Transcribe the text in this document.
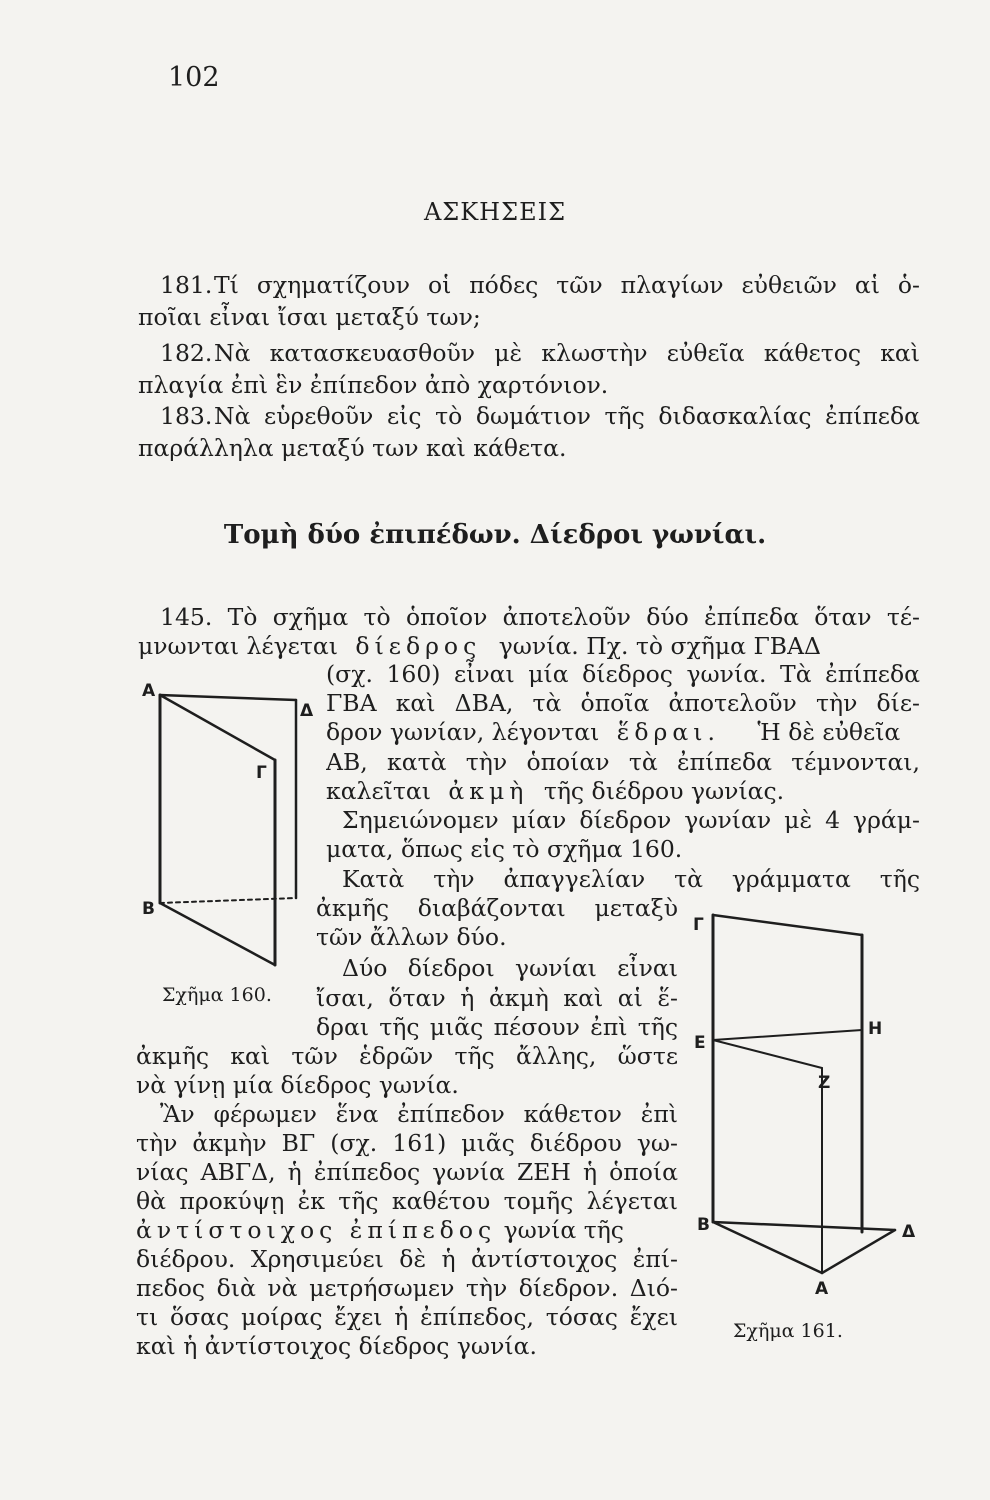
102
ΑΣΚΗΣΕΙΣ
181. Τί σχηματίζουν οἱ πόδες τῶν πλαγίων εὐθειῶν αἱ ὁ-
ποῖαι εἶναι ἴσαι μεταξύ των;
182. Νὰ κατασκευασθοῦν μὲ κλωστὴν εὐθεῖα κάθετος καὶ
πλαγία ἐπὶ ἓν ἐπίπεδον ἀπὸ χαρτόνιον.
183. Νὰ εὑρεθοῦν εἰς τὸ δωμάτιον τῆς διδασκαλίας ἐπίπεδα
παράλληλα μεταξύ των καὶ κάθετα.
Τομὴ δύο ἐπιπέδων. Δίεδροι γωνίαι.
145. Τὸ σχῆμα τὸ ὁποῖον ἀποτελοῦν δύο ἐπίπεδα ὅταν τέ-
μνωνται λέγεται δίεδρος γωνία. Πχ. τὸ σχῆμα ΓΒΑΔ
(σχ. 160) εἶναι μία δίεδρος γωνία. Τὰ ἐπίπεδα
ΓΒΑ καὶ ΔΒΑ, τὰ ὁποῖα ἀποτελοῦν τὴν δίε-
δρον γωνίαν, λέγονται ἕδραι. Ἡ δὲ εὐθεῖα
ΑΒ, κατὰ τὴν ὁποίαν τὰ ἐπίπεδα τέμνονται,
καλεῖται ἀκμὴ τῆς διέδρου γωνίας.
Σημειώνομεν μίαν δίεδρον γωνίαν μὲ 4 γράμ-
ματα, ὅπως εἰς τὸ σχῆμα 160.
Κατὰ τὴν ἀπαγγελίαν τὰ γράμματα τῆς
ἀκμῆς διαβάζονται μεταξὺ
τῶν ἄλλων δύο.
Δύο δίεδροι γωνίαι εἶναι
ἴσαι, ὅταν ἡ ἀκμὴ καὶ αἱ ἕ-
δραι τῆς μιᾶς πέσουν ἐπὶ τῆς
ἀκμῆς καὶ τῶν ἑδρῶν τῆς ἄλλης, ὥστε
νὰ γίνῃ μία δίεδρος γωνία.
Ἂν φέρωμεν ἕνα ἐπίπεδον κάθετον ἐπὶ
τὴν ἀκμὴν ΒΓ (σχ. 161) μιᾶς διέδρου γω-
νίας ΑΒΓΔ, ἡ ἐπίπεδος γωνία ΖΕΗ ἡ ὁποία
θὰ προκύψῃ ἐκ τῆς καθέτου τομῆς λέγεται
ἀντίστοιχος ἐπίπεδος γωνία τῆς
διέδρου. Χρησιμεύει δὲ ἡ ἀντίστοιχος ἐπί-
πεδος διὰ νὰ μετρήσωμεν τὴν δίεδρον. Διό-
τι ὅσας μοίρας ἔχει ἡ ἐπίπεδος, τόσας ἔχει
καὶ ἡ ἀντίστοιχος δίεδρος γωνία.
Α
Β
Γ
Δ
Γ
Ε
Η
Ζ
Β	Δ
Α
Σχῆμα 160.
Σχῆμα 161.
